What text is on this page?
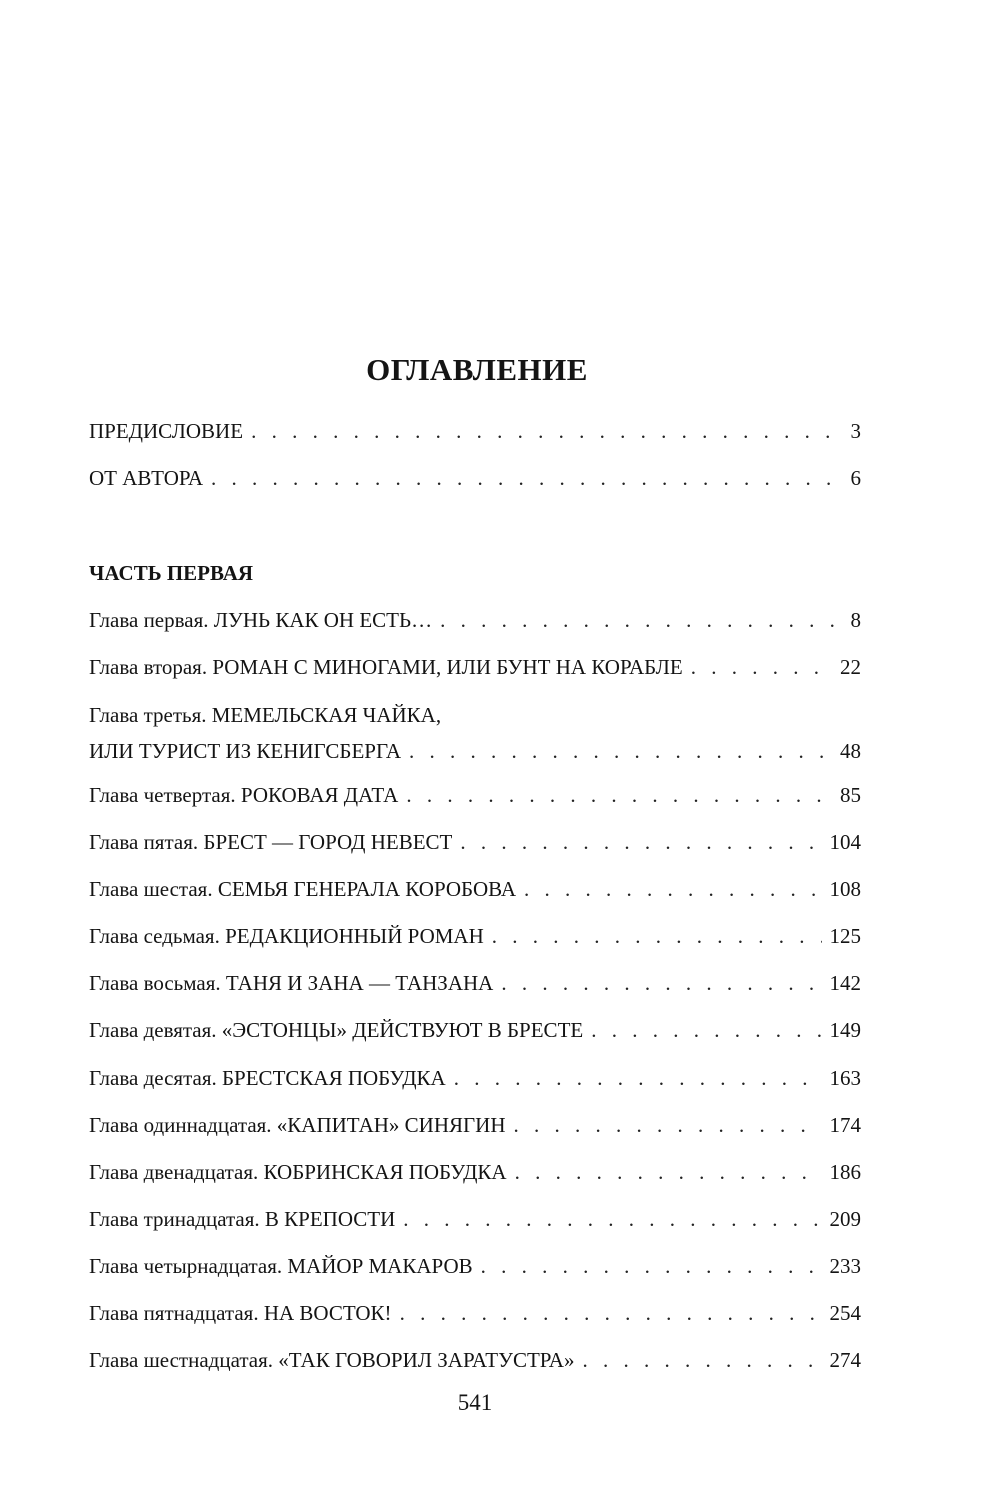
ОГЛАВЛЕНИЕ
ПРЕДИСЛОВИЕ . . .	3
ОТ АВТОРА . . .	6
ЧАСТЬ ПЕРВАЯ
Глава первая. ЛУНЬ КАК ОН ЕСТЬ… . . .	8
Глава вторая. РОМАН С МИНОГАМИ, ИЛИ БУНТ НА КОРАБЛЕ . . .	22
Глава третья. МЕМЕЛЬСКАЯ ЧАЙКА,
ИЛИ ТУРИСТ ИЗ КЕНИГСБЕРГА . . .	48
Глава четвертая. РОКОВАЯ ДАТА . . .	85
Глава пятая. БРЕСТ — ГОРОД НЕВЕСТ . . .	104
Глава шестая. СЕМЬЯ ГЕНЕРАЛА КОРОБОВА . . .	108
Глава седьмая. РЕДАКЦИОННЫЙ РОМАН . . .	125
Глава восьмая. ТАНЯ И ЗАНА — ТАНЗАНА . . .	142
Глава девятая. «ЭСТОНЦЫ» ДЕЙСТВУЮТ В БРЕСТЕ . . .	149
Глава десятая. БРЕСТСКАЯ ПОБУДКА . . .	163
Глава одиннадцатая. «КАПИТАН» СИНЯГИН . . .	174
Глава двенадцатая. КОБРИНСКАЯ ПОБУДКА . . .	186
Глава тринадцатая. В КРЕПОСТИ . . .	209
Глава четырнадцатая. МАЙОР МАКАРОВ . . .	233
Глава пятнадцатая. НА ВОСТОК! . . .	254
Глава шестнадцатая. «ТАК ГОВОРИЛ ЗАРАТУСТРА» . . .	274
541
